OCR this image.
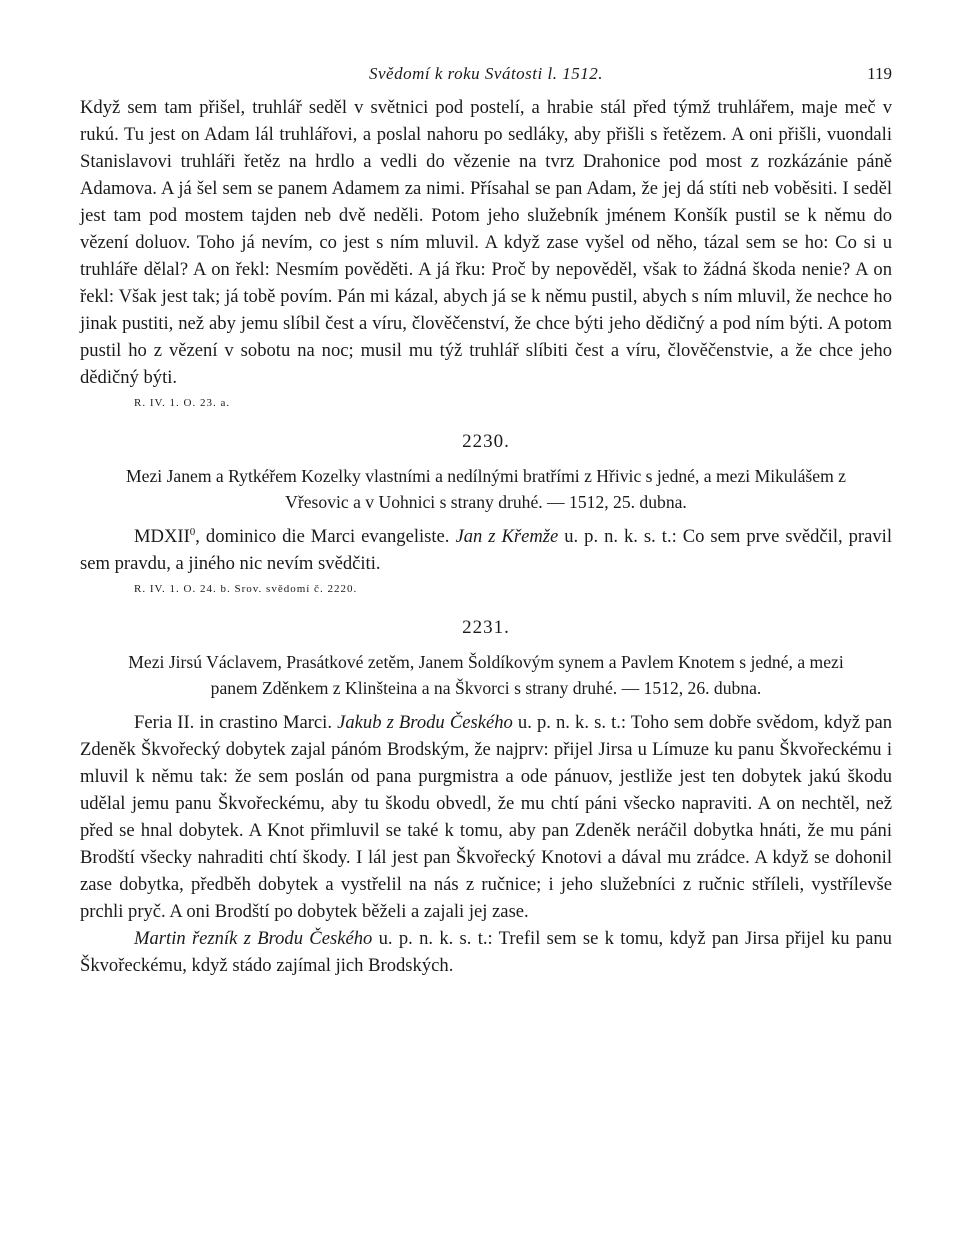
Svědomí k roku Svátosti l. 1512.	119

Když sem tam přišel, truhlář seděl v světnici pod postelí, a hrabie stál před týmž truhlářem, maje meč v rukú. Tu jest on Adam lál truhlářovi, a poslal nahoru po sedláky, aby přišli s řetězem. A oni přišli, vuondali Stanislavovi truhláři řetěz na hrdlo a vedli do vězenie na tvrz Drahonice pod most z rozkázánie páně Adamova. A já šel sem se panem Adamem za nimi. Přísahal se pan Adam, že jej dá stíti neb voběsiti. I seděl jest tam pod mostem tajden neb dvě neděli. Potom jeho služebník jménem Konšík pustil se k němu do vězení doluov. Toho já nevím, co jest s ním mluvil. A když zase vyšel od něho, tázal sem se ho: Co si u truhláře dělal? A on řekl: Nesmím pověděti. A já řku: Proč by nepověděl, však to žádná škoda nenie? A on řekl: Však jest tak; já tobě povím. Pán mi kázal, abych já se k němu pustil, abych s ním mluvil, že nechce ho jinak pustiti, než aby jemu slíbil čest a víru, člověčenství, že chce býti jeho dědičný a pod ním býti. A potom pustil ho z vězení v sobotu na noc; musil mu týž truhlář slíbiti čest a víru, člověčenstvie, a že chce jeho dědičný býti.

R. IV. 1. O. 23. a.
2230.
Mezi Janem a Rytkéřem Kozelky vlastními a nedílnými bratřími z Hřivic s jedné, a mezi Mikulášem z Vřesovic a v Uohnici s strany druhé. — 1512, 25. dubna.

MDXII$^0$, dominico die Marci evangeliste. Jan z Křemže u. p. n. k. s. t.: Co sem prve svědčil, pravil sem pravdu, a jiného nic nevím svědčiti.

R. IV. 1. O. 24. b. Srov. svědomí č. 2220.
2231.
Mezi Jirsú Václavem, Prasátkové zetěm, Janem Šoldíkovým synem a Pavlem Knotem s jedné, a mezi panem Zděnkem z Klinšteina a na Škvorci s strany druhé. — 1512, 26. dubna.

Feria II. in crastino Marci. Jakub z Brodu Českého u. p. n. k. s. t.: Toho sem dobře svědom, když pan Zdeněk Škvořecký dobytek zajal pánóm Brodským, že najprv: přijel Jirsa u Límuze ku panu Škvořeckému i mluvil k němu tak: že sem poslán od pana purgmistra a ode pánuov, jestliže jest ten dobytek jakú škodu udělal jemu panu Škvořeckému, aby tu škodu obvedl, že mu chtí páni všecko napraviti. A on nechtěl, než před se hnal dobytek. A Knot přimluvil se také k tomu, aby pan Zdeněk neráčil dobytka hnáti, že mu páni Brodští všecky nahraditi chtí škody. I lál jest pan Škvořecký Knotovi a dával mu zrádce. A když se dohonil zase dobytka, předběh dobytek a vystřelil na nás z ručnice; i jeho služebníci z ručnic stříleli, vystřílevše prchli pryč. A oni Brodští po dobytek běželi a zajali jej zase.

Martin řezník z Brodu Českého u. p. n. k. s. t.: Trefil sem se k tomu, když pan Jirsa přijel ku panu Škvořeckému, když stádo zajímal jich Brodských.
